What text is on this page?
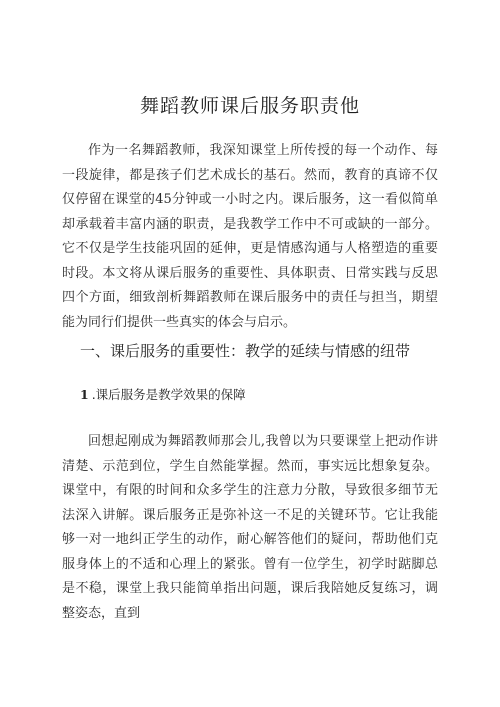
舞蹈教师课后服务职责他

作为一名舞蹈教师，我深知课堂上所传授的每一个动作、每一段旋律，都是孩子们艺术成长的基石。然而，教育的真谛不仅仅停留在课堂的45分钟或一小时之内。课后服务，这一看似简单却承载着丰富内涵的职责，是我教学工作中不可或缺的一部分。它不仅是学生技能巩固的延伸，更是情感沟通与人格塑造的重要时段。本文将从课后服务的重要性、具体职责、日常实践与反思四个方面，细致剖析舞蹈教师在课后服务中的责任与担当，期望能为同行们提供一些真实的体会与启示。

一、课后服务的重要性：教学的延续与情感的纽带
1 .课后服务是教学效果的保障

回想起刚成为舞蹈教师那会儿,我曾以为只要课堂上把动作讲清楚、示范到位，学生自然能掌握。然而，事实远比想象复杂。课堂中，有限的时间和众多学生的注意力分散，导致很多细节无法深入讲解。课后服务正是弥补这一不足的关键环节。它让我能够一对一地纠正学生的动作，耐心解答他们的疑问，帮助他们克服身体上的不适和心理上的紧张。曾有一位学生，初学时踮脚总是不稳，课堂上我只能简单指出问题，课后我陪她反复练习，调整姿态，直到
